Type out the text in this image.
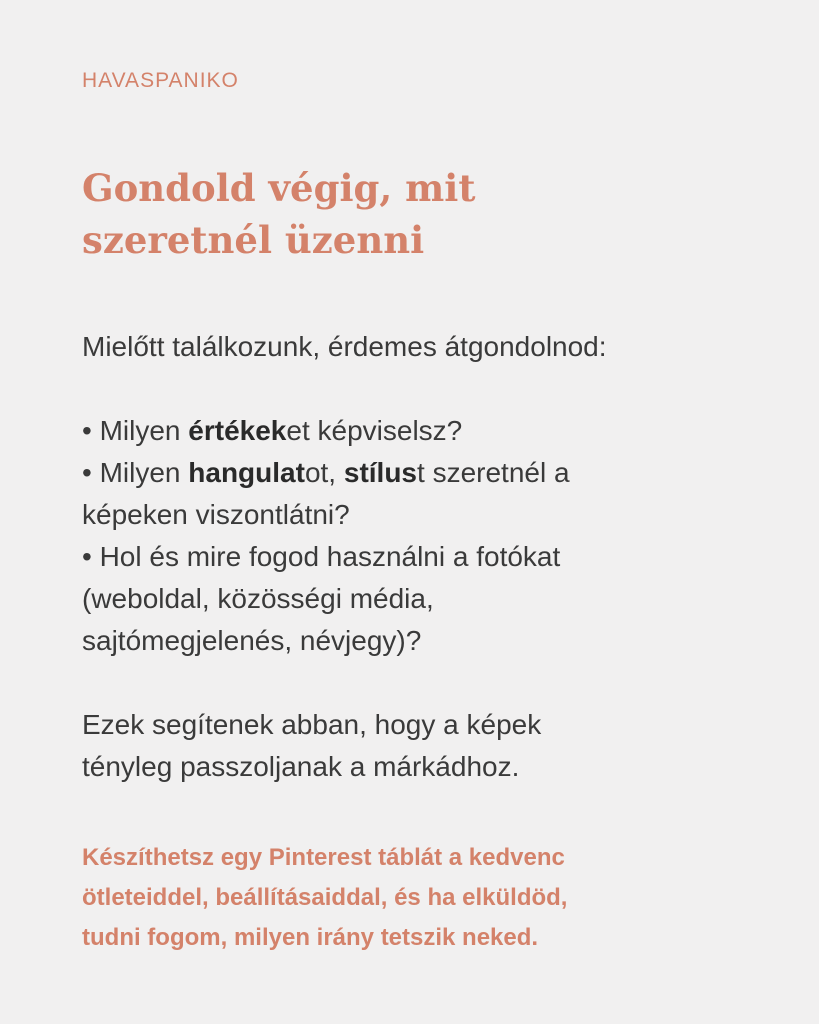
HAVASPANIKO
Gondold végig, mit
szeretnél üzenni

Mielőtt találkozunk, érdemes átgondolnod:

• Milyen értékeket képviselsz?

• Milyen hangulatot, stílust szeretnél a

képeken viszontlátni?

• Hol és mire fogod használni a fotókat

(weboldal, közösségi média,

sajtómegjelenés, névjegy)?

Ezek segítenek abban, hogy a képek

tényleg passzoljanak a márkádhoz.

Készíthetsz egy Pinterest táblát a kedvenc
ötleteiddel, beállításaiddal, és ha elküldöd,
tudni fogom, milyen irány tetszik neked.
